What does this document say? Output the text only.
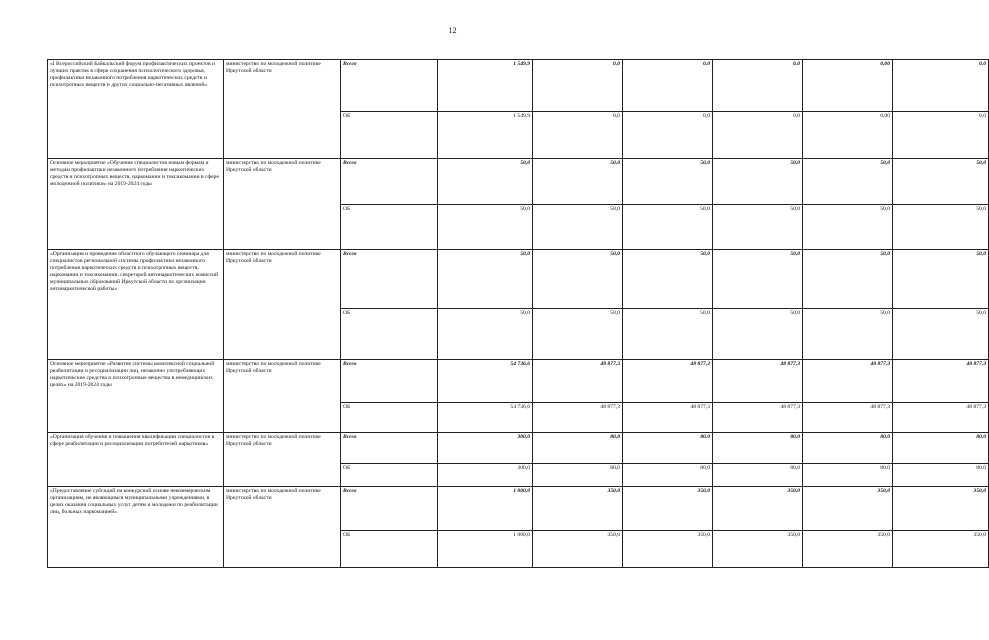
12
«I Всероссийский Байкальский форум профилактических проектов и лучших практик в сфере сохранения психологического здоровья, профилактики незаконного потребления наркотических средств и психотропных веществ и других социально-негативных явлений»	министерство по молодежной политике Иркутской области	Всего	1 549,9	0,0	0,0	0,0	0,00	0,0
		ОБ	1 549,9	0,0	0,0	0,0	0,00	0,0
Основное мероприятие «Обучение специалистов новым формам и методам профилактики незаконного потребления наркотических средств и психотропных веществ, наркомании и токсикомании в сфере молодежной политики» на 2019-2024 годы	министерство по молодежной политике Иркутской области	Всего	50,0	50,0	50,0	50,0	50,0	50,0
		ОБ	50,0	50,0	50,0	50,0	50,0	50,0
«Организация и проведение областного обучающего семинара для специалистов региональной системы профилактики незаконного потребления наркотических средств и психотропных веществ, наркомании и токсикомании, секретарей антинаркотических комиссий муниципальных образований Иркутской области по организации антинаркотической работы»	министерство по молодежной политике Иркутской области	Всего	50,0	50,0	50,0	50,0	50,0	50,0
		ОБ	50,0	50,0	50,0	50,0	50,0	50,0
Основное мероприятие «Развитие системы комплексной социальной реабилитации и ресоциализации лиц, незаконно употребляющих наркотические средства и психотропные вещества в немедицинских целях» на 2019-2024 годы	министерство по молодежной политике Иркутской области	Всего	54 736,6	48 877,3	48 877,3	48 877,3	48 877,3	48 877,3
		ОБ	54 736,6	48 877,3	48 877,3	48 877,3	48 877,3	48 877,3
«Организация обучения и повышения квалификации специалистов в сфере реабилитации и ресоциализации потребителей наркотиков»	министерство по молодежной политике Иркутской области	Всего	300,0	80,0	80,0	80,0	80,0	80,0
		ОБ	300,0	80,0	80,0	80,0	80,0	80,0
«Предоставление субсидий на конкурсной основе некоммерческим организациям, не являющимся муниципальными учреждениями, в целях оказания социальных услуг детям и молодежи по реабилитации лиц, больных наркоманией»	министерство по молодежной политике Иркутской области	Всего	1 000,0	350,0	350,0	350,0	350,0	350,0
		ОБ	1 000,0	350,0	350,0	350,0	350,0	350,0
